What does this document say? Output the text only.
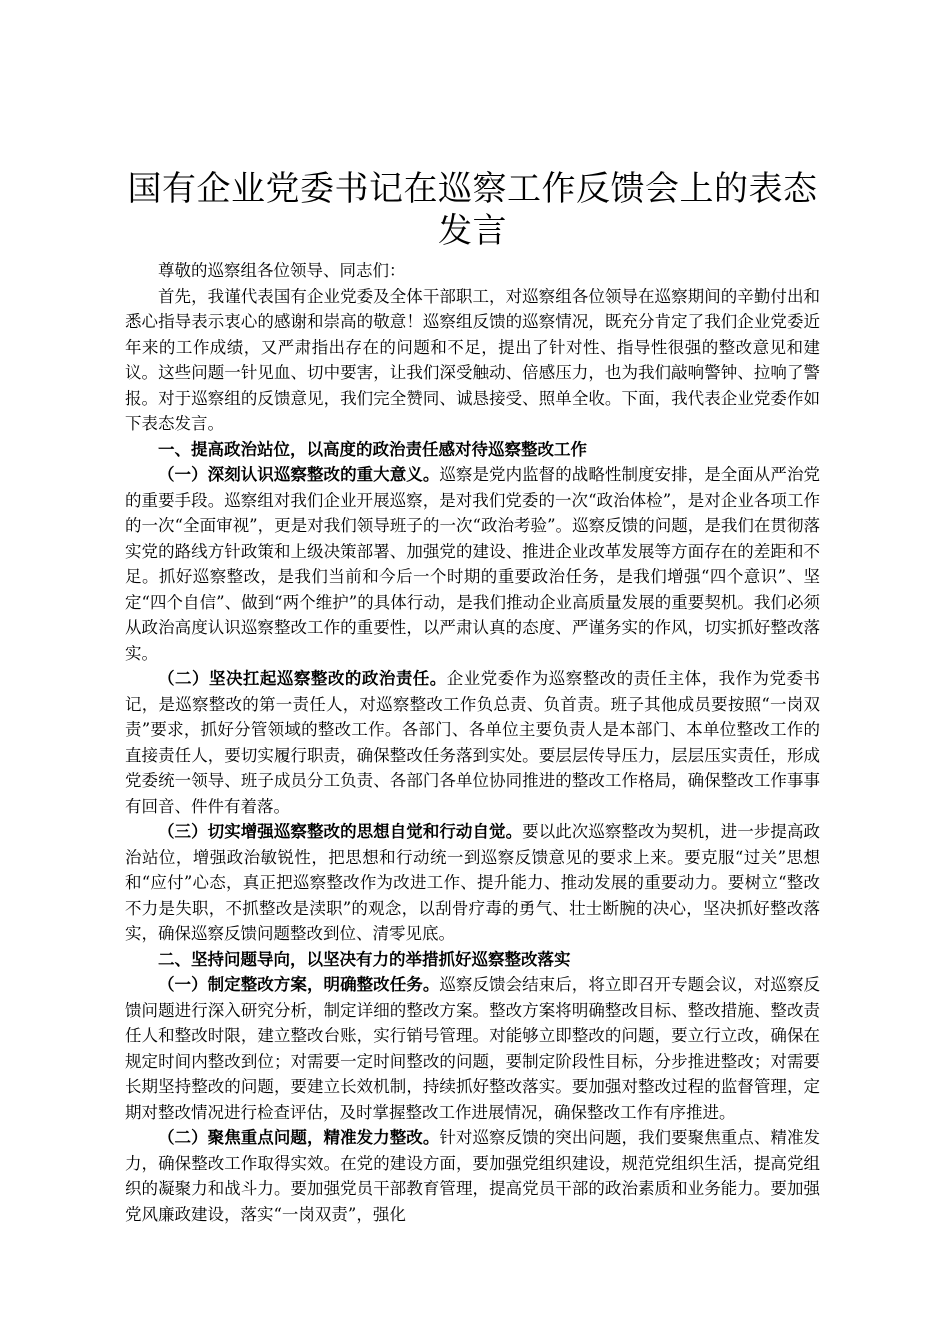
国有企业党委书记在巡察工作反馈会上的表态发言

尊敬的巡察组各位领导、同志们：

首先，我谨代表国有企业党委及全体干部职工，对巡察组各位领导在巡察期间的辛勤付出和悉心指导表示衷心的感谢和崇高的敬意！巡察组反馈的巡察情况，既充分肯定了我们企业党委近年来的工作成绩，又严肃指出存在的问题和不足，提出了针对性、指导性很强的整改意见和建议。这些问题一针见血、切中要害，让我们深受触动、倍感压力，也为我们敲响警钟、拉响了警报。对于巡察组的反馈意见，我们完全赞同、诚恳接受、照单全收。下面，我代表企业党委作如下表态发言。

一、提高政治站位，以高度的政治责任感对待巡察整改工作

（一）深刻认识巡察整改的重大意义。巡察是党内监督的战略性制度安排，是全面从严治党的重要手段。巡察组对我们企业开展巡察，是对我们党委的一次“政治体检”，是对企业各项工作的一次“全面审视”，更是对我们领导班子的一次“政治考验”。巡察反馈的问题，是我们在贯彻落实党的路线方针政策和上级决策部署、加强党的建设、推进企业改革发展等方面存在的差距和不足。抓好巡察整改，是我们当前和今后一个时期的重要政治任务，是我们增强“四个意识”、坚定“四个自信”、做到“两个维护”的具体行动，是我们推动企业高质量发展的重要契机。我们必须从政治高度认识巡察整改工作的重要性，以严肃认真的态度、严谨务实的作风，切实抓好整改落实。

（二）坚决扛起巡察整改的政治责任。企业党委作为巡察整改的责任主体，我作为党委书记，是巡察整改的第一责任人，对巡察整改工作负总责、负首责。班子其他成员要按照“一岗双责”要求，抓好分管领域的整改工作。各部门、各单位主要负责人是本部门、本单位整改工作的直接责任人，要切实履行职责，确保整改任务落到实处。要层层传导压力，层层压实责任，形成党委统一领导、班子成员分工负责、各部门各单位协同推进的整改工作格局，确保整改工作事事有回音、件件有着落。

（三）切实增强巡察整改的思想自觉和行动自觉。要以此次巡察整改为契机，进一步提高政治站位，增强政治敏锐性，把思想和行动统一到巡察反馈意见的要求上来。要克服“过关”思想和“应付”心态，真正把巡察整改作为改进工作、提升能力、推动发展的重要动力。要树立“整改不力是失职，不抓整改是渎职”的观念，以刮骨疗毒的勇气、壮士断腕的决心，坚决抓好整改落实，确保巡察反馈问题整改到位、清零见底。

二、坚持问题导向，以坚决有力的举措抓好巡察整改落实

（一）制定整改方案，明确整改任务。巡察反馈会结束后，将立即召开专题会议，对巡察反馈问题进行深入研究分析，制定详细的整改方案。整改方案将明确整改目标、整改措施、整改责任人和整改时限，建立整改台账，实行销号管理。对能够立即整改的问题，要立行立改，确保在规定时间内整改到位；对需要一定时间整改的问题，要制定阶段性目标，分步推进整改；对需要长期坚持整改的问题，要建立长效机制，持续抓好整改落实。要加强对整改过程的监督管理，定期对整改情况进行检查评估，及时掌握整改工作进展情况，确保整改工作有序推进。

（二）聚焦重点问题，精准发力整改。针对巡察反馈的突出问题，我们要聚焦重点、精准发力，确保整改工作取得实效。在党的建设方面，要加强党组织建设，规范党组织生活，提高党组织的凝聚力和战斗力。要加强党员干部教育管理，提高党员干部的政治素质和业务能力。要加强党风廉政建设，落实“一岗双责”，强化
